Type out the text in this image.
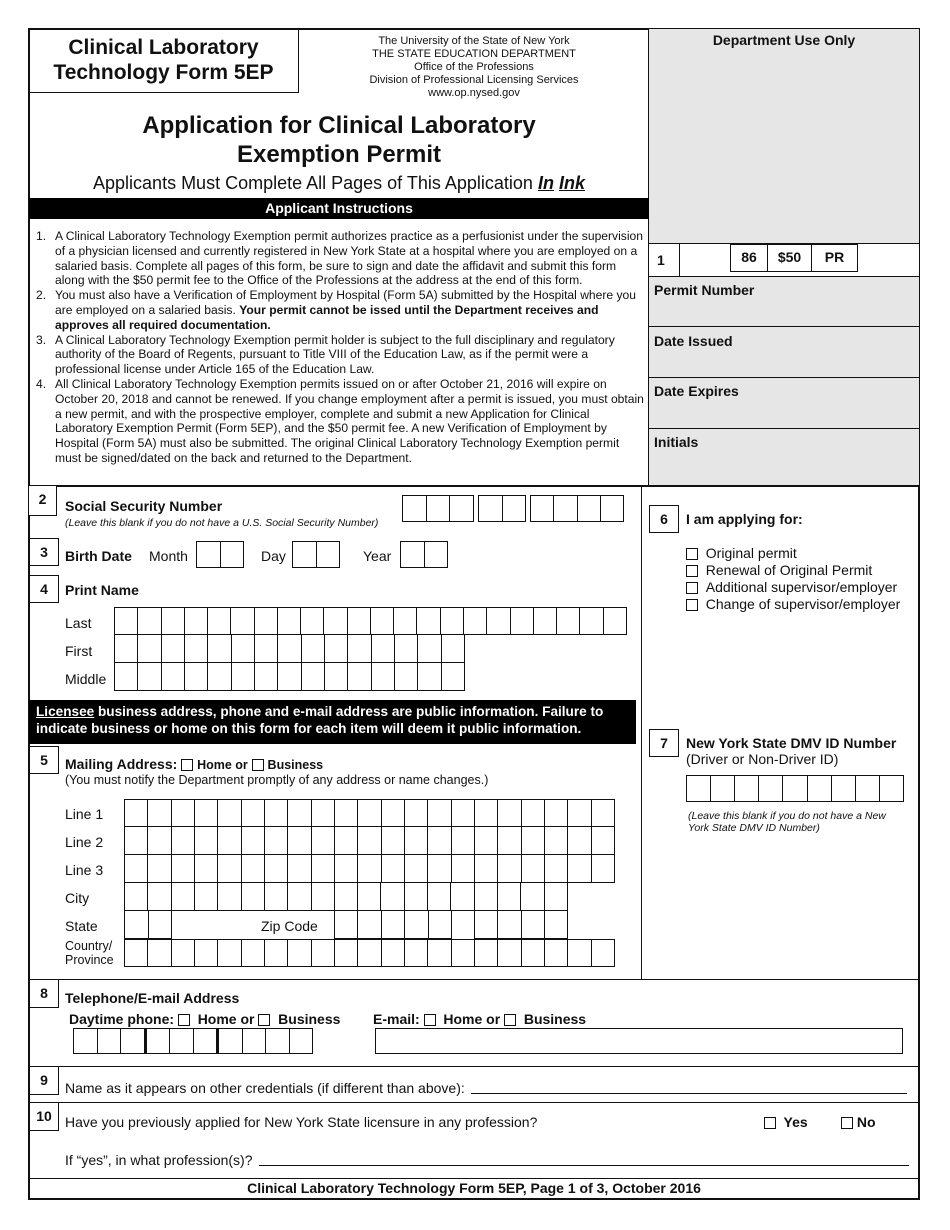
Clinical Laboratory
Technology Form 5EP
The University of the State of New York
THE STATE EDUCATION DEPARTMENT
Office of the Professions
Division of Professional Licensing Services
www.op.nysed.gov
Application for Clinical Laboratory
Exemption Permit
Applicants Must Complete All Pages of This Application In Ink
Applicant Instructions
1. A Clinical Laboratory Technology Exemption permit authorizes practice as a perfusionist under the supervision of a physician licensed and currently registered in New York State at a hospital where you are employed on a salaried basis. Complete all pages of this form, be sure to sign and date the affidavit and submit this form along with the $50 permit fee to the Office of the Professions at the address at the end of this form.
2. You must also have a Verification of Employment by Hospital (Form 5A) submitted by the Hospital where you are employed on a salaried basis. Your permit cannot be issed until the Department receives and approves all required documentation.
3. A Clinical Laboratory Technology Exemption permit holder is subject to the full disciplinary and regulatory authority of the Board of Regents, pursuant to Title VIII of the Education Law, as if the permit were a professional license under Article 165 of the Education Law.
4. All Clinical Laboratory Technology Exemption permits issued on or after October 21, 2016 will expire on October 20, 2018 and cannot be renewed. If you change employment after a permit is issued, you must obtain a new permit, and with the prospective employer, complete and submit a new Application for Clinical Laboratory Exemption Permit (Form 5EP), and the $50 permit fee. A new Verification of Employment by Hospital (Form 5A) must also be submitted. The original Clinical Laboratory Technology Exemption permit must be signed/dated on the back and returned to the Department.
Department Use Only
1	86	$50	PR
Permit Number
Date Issued
Date Expires
Initials
2	Social Security Number
(Leave this blank if you do not have a U.S. Social Security Number)
3	Birth Date Month	Day	Year
4	Print Name
Last
First
Middle
Licensee business address, phone and e-mail address are public information. Failure to indicate business or home on this form for each item will deem it public information.
6	I am applying for:
Original permit
Renewal of Original Permit
Additional supervisor/employer
Change of supervisor/employer
7	New York State DMV ID Number
(Driver or Non-Driver ID)
(Leave this blank if you do not have a New
York State DMV ID Number)
5	Mailing Address: Home or Business
(You must notify the Department promptly of any address or name changes.)
Line 1
Line 2
Line 3
City
State	Zip Code
Country/
Province
8	Telephone/E-mail Address
Daytime phone: Home or Business E-mail: Home or Business
9	Name as it appears on other credentials (if different than above):
10 Have you previously applied for New York State licensure in any profession?	Yes	No
If “yes”, in what profession(s)?
Clinical Laboratory Technology Form 5EP, Page 1 of 3, October 2016
